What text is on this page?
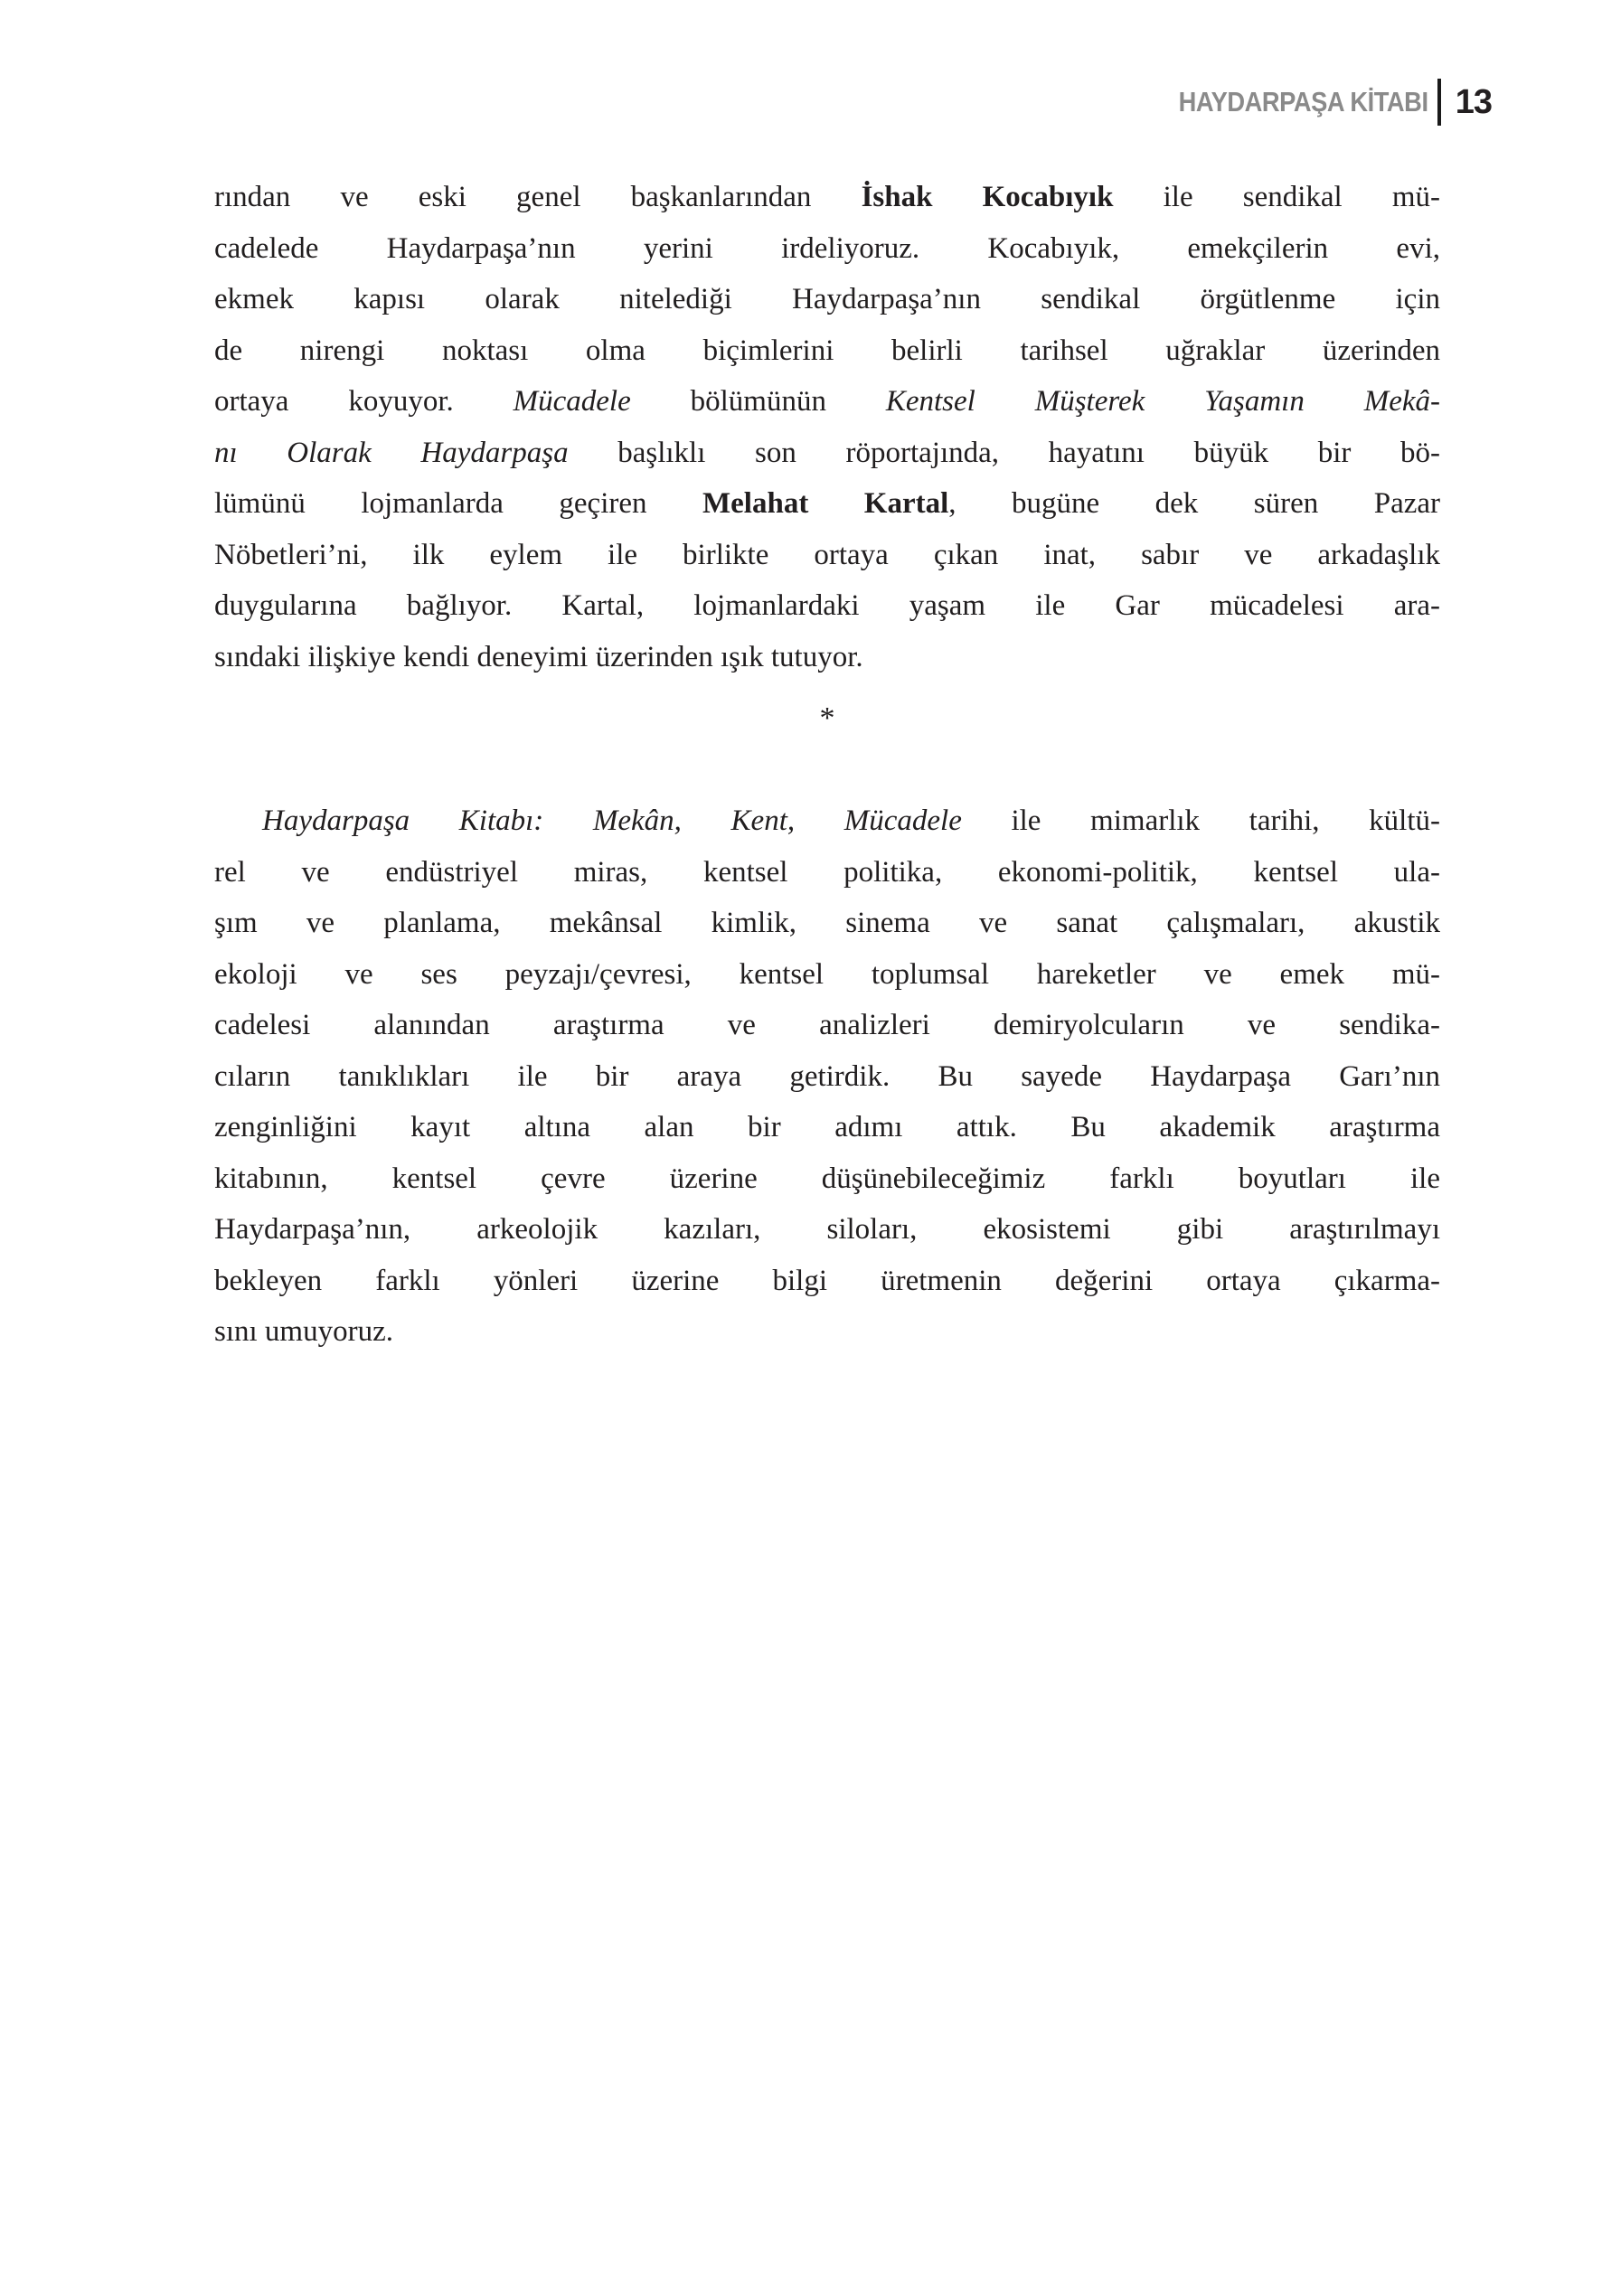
HAYDARPAŞA KİTABI 13
rından ve eski genel başkanlarından İshak Kocabıyık ile sendikal mü-
cadelede Haydarpaşa’nın yerini irdeliyoruz. Kocabıyık, emekçilerin evi,
ekmek kapısı olarak nitelediği Haydarpaşa’nın sendikal örgütlenme için
de nirengi noktası olma biçimlerini belirli tarihsel uğraklar üzerinden
ortaya koyuyor. Mücadele bölümünün Kentsel Müşterek Yaşamın Mekâ-
nı Olarak Haydarpaşa başlıklı son röportajında, hayatını büyük bir bö-
lümünü lojmanlarda geçiren Melahat Kartal, bugüne dek süren Pazar
Nöbetleri’ni, ilk eylem ile birlikte ortaya çıkan inat, sabır ve arkadaşlık
duygularına bağlıyor. Kartal, lojmanlardaki yaşam ile Gar mücadelesi ara-
sındaki ilişkiye kendi deneyimi üzerinden ışık tutuyor.
*
Haydarpaşa Kitabı: Mekân, Kent, Mücadele ile mimarlık tarihi, kültü-
rel ve endüstriyel miras, kentsel politika, ekonomi-politik, kentsel ula-
şım ve planlama, mekânsal kimlik, sinema ve sanat çalışmaları, akustik
ekoloji ve ses peyzajı/çevresi, kentsel toplumsal hareketler ve emek mü-
cadelesi alanından araştırma ve analizleri demiryolcuların ve sendika-
cıların tanıklıkları ile bir araya getirdik. Bu sayede Haydarpaşa Garı’nın
zenginliğini kayıt altına alan bir adımı attık. Bu akademik araştırma
kitabının, kentsel çevre üzerine düşünebileceğimiz farklı boyutları ile
Haydarpaşa’nın, arkeolojik kazıları, siloları, ekosistemi gibi araştırılmayı
bekleyen farklı yönleri üzerine bilgi üretmenin değerini ortaya çıkarma-
sını umuyoruz.
